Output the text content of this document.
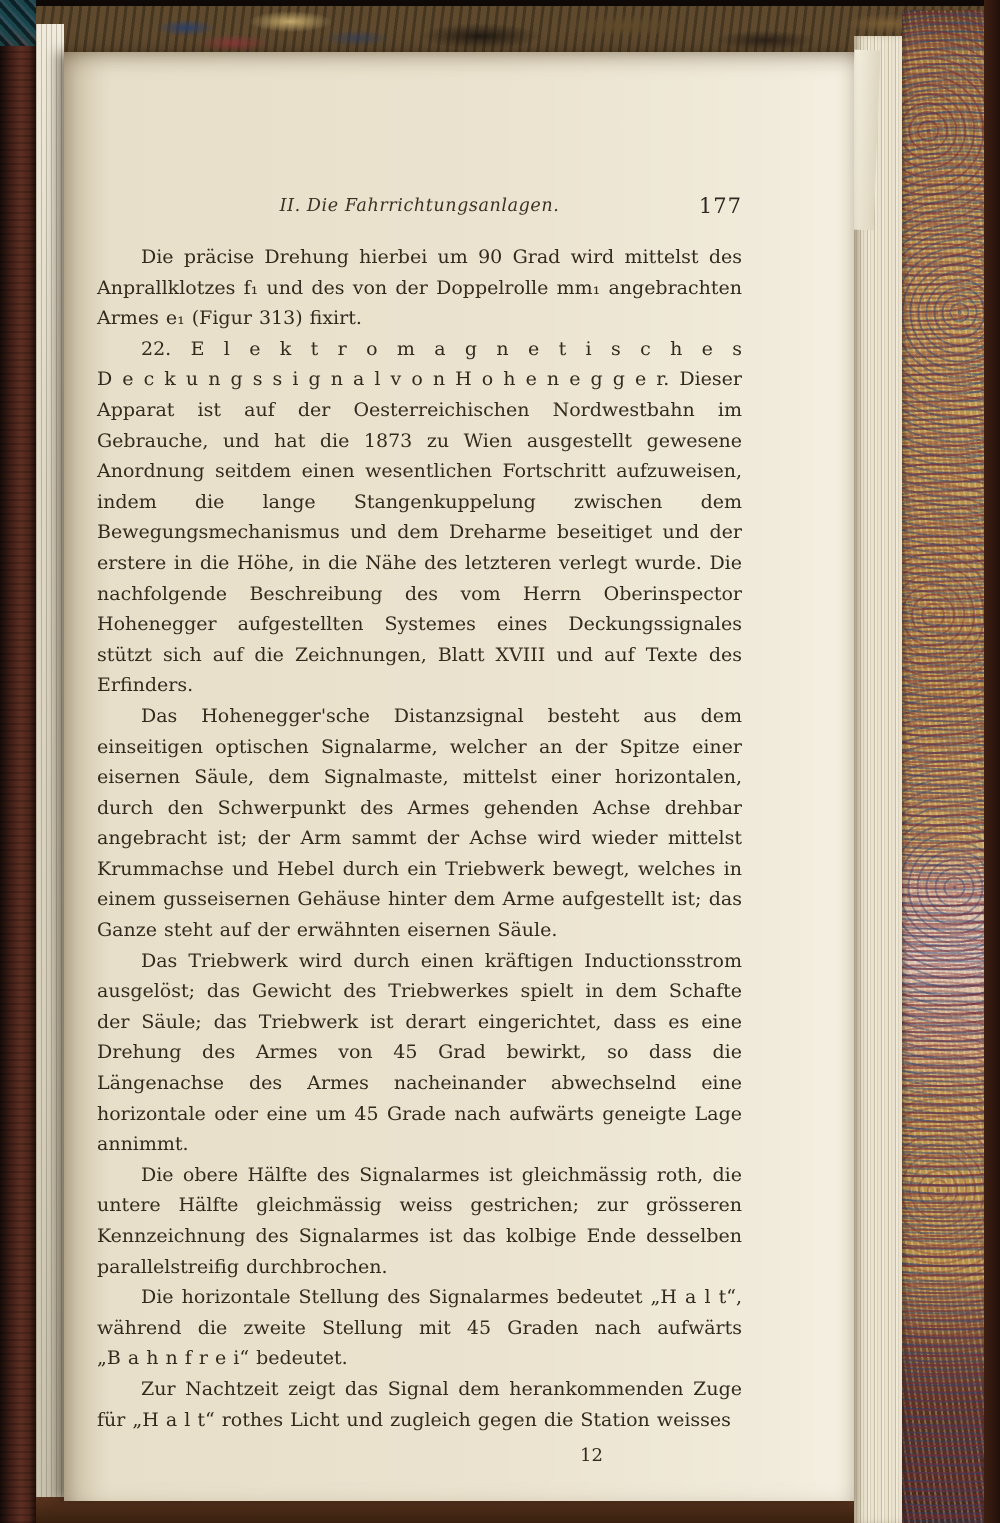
II. Die Fahrrichtungsanlagen.	177

Die präcise Drehung hierbei um 90 Grad wird mittelst des Anprallklotzes f₁ und des von der Doppelrolle mm₁ angebrachten Armes e₁ (Figur 313) fixirt.

22. E l e k t r o m a g n e t i s c h e s D e c k u n g s s i g n a l v o n H o h e n e g g e r. Dieser Apparat ist auf der Oesterreichischen Nordwestbahn im Gebrauche, und hat die 1873 zu Wien ausgestellt gewesene Anordnung seitdem einen wesentlichen Fortschritt aufzuweisen, indem die lange Stangenkuppelung zwischen dem Bewegungsmechanismus und dem Dreharme beseitiget und der erstere in die Höhe, in die Nähe des letzteren verlegt wurde. Die nachfolgende Beschreibung des vom Herrn Oberinspector Hohenegger aufgestellten Systemes eines Deckungssignales stützt sich auf die Zeichnungen, Blatt XVIII und auf Texte des Erfinders.

Das Hohenegger'sche Distanzsignal besteht aus dem einseitigen optischen Signalarme, welcher an der Spitze einer eisernen Säule, dem Signalmaste, mittelst einer horizontalen, durch den Schwerpunkt des Armes gehenden Achse drehbar angebracht ist; der Arm sammt der Achse wird wieder mittelst Krummachse und Hebel durch ein Triebwerk bewegt, welches in einem gusseisernen Gehäuse hinter dem Arme aufgestellt ist; das Ganze steht auf der erwähnten eisernen Säule.

Das Triebwerk wird durch einen kräftigen Inductionsstrom ausgelöst; das Gewicht des Triebwerkes spielt in dem Schafte der Säule; das Triebwerk ist derart eingerichtet, dass es eine Drehung des Armes von 45 Grad bewirkt, so dass die Längenachse des Armes nacheinander abwechselnd eine horizontale oder eine um 45 Grade nach aufwärts geneigte Lage annimmt.

Die obere Hälfte des Signalarmes ist gleichmässig roth, die untere Hälfte gleichmässig weiss gestrichen; zur grösseren Kennzeichnung des Signalarmes ist das kolbige Ende desselben parallelstreifig durchbrochen.

Die horizontale Stellung des Signalarmes bedeutet „H a l t“, während die zweite Stellung mit 45 Graden nach aufwärts „B a h n f r e i“ bedeutet.

Zur Nachtzeit zeigt das Signal dem herankommenden Zuge für „H a l t“ rothes Licht und zugleich gegen die Station weisses

12
